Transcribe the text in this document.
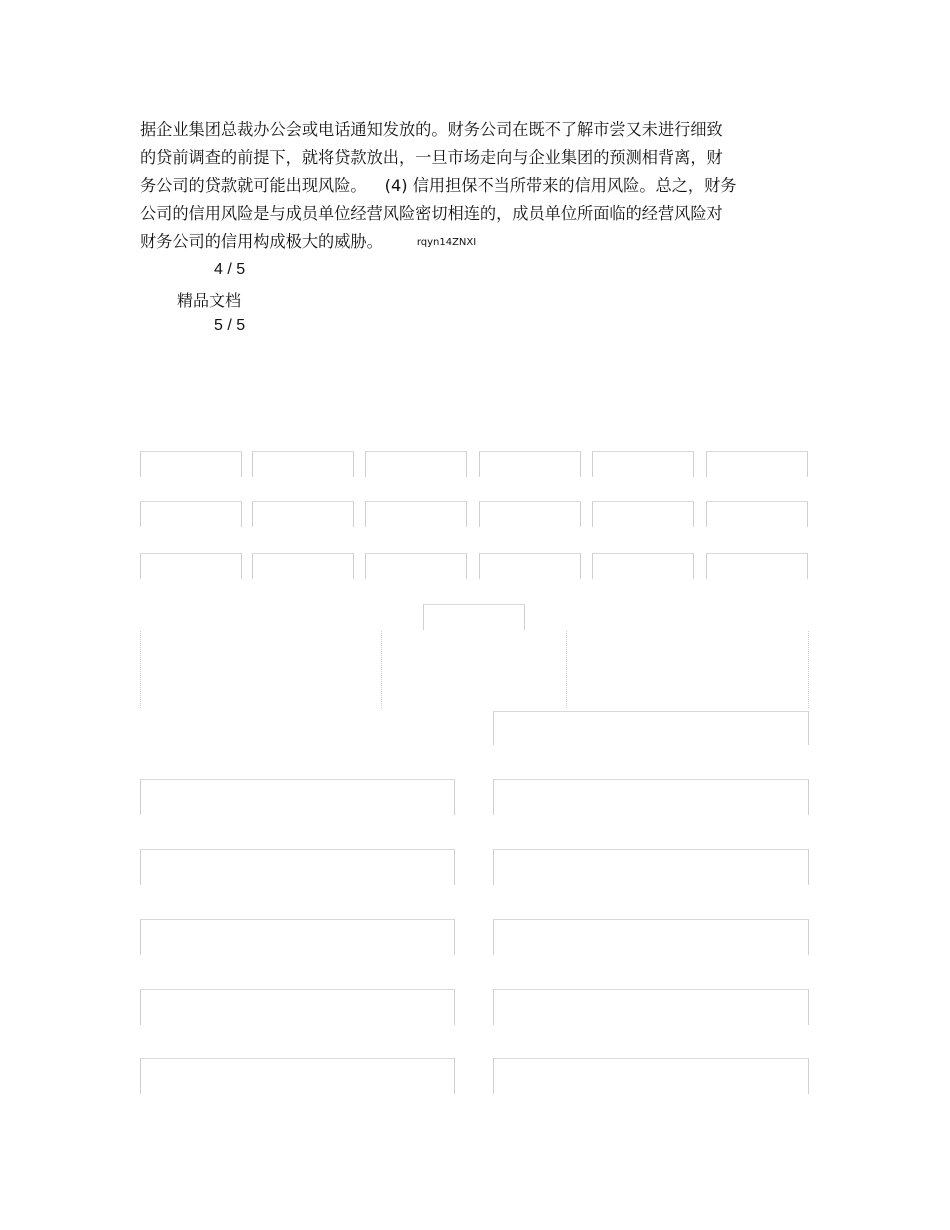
据企业集团总裁办公会或电话通知发放的。财务公司在既不了解市尝又未进行细致
的贷前调查的前提下，就将贷款放出，一旦市场走向与企业集团的预测相背离，财
务公司的贷款就可能出现风险。 (4) 信用担保不当所带来的信用风险。总之，财务
公司的信用风险是与成员单位经营风险密切相连的，成员单位所面临的经营风险对
财务公司的信用构成极大的威胁。	rqyn14ZNXI

4 / 5
精品文档
5 / 5
